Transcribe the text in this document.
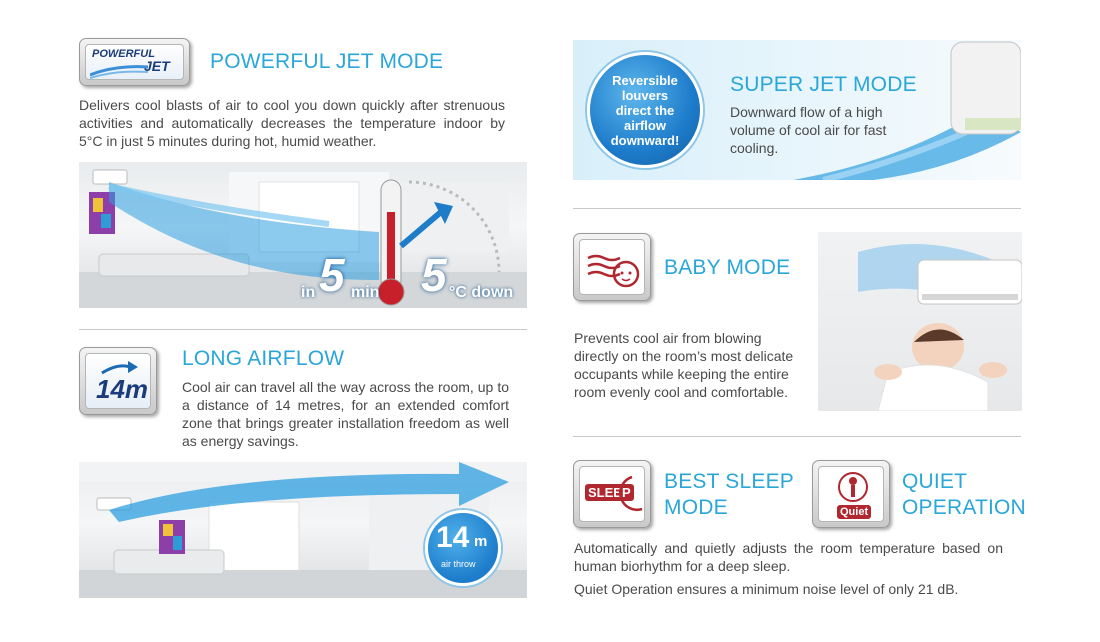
POWERFUL
JET POWERFUL JET MODE
Delivers cool blasts of air to cool you down quickly after strenuous activities and automatically decreases the temperature indoor by 5°C in just 5 minutes during hot, humid weather.
in 5 min 5 °C down
14m
LONG AIRFLOW
Cool air can travel all the way across the room, up to a distance of 14 metres, for an extended comfort zone that brings greater installation freedom as well as energy savings.
14 m
air throw
Reversible
louvers
direct the
airflow
downward!
SUPER JET MODE
Downward flow of a high volume of cool air for fast cooling.
BABY MODE
Prevents cool air from blowing directly on the room’s most delicate occupants while keeping the entire room evenly cool and comfortable.
SLEEP BEST SLEEP
MODE	Quiet
QUIET
OPERATION
Automatically and quietly adjusts the room temperature based on human biorhythm for a deep sleep.
Quiet Operation ensures a minimum noise level of only 21 dB.
